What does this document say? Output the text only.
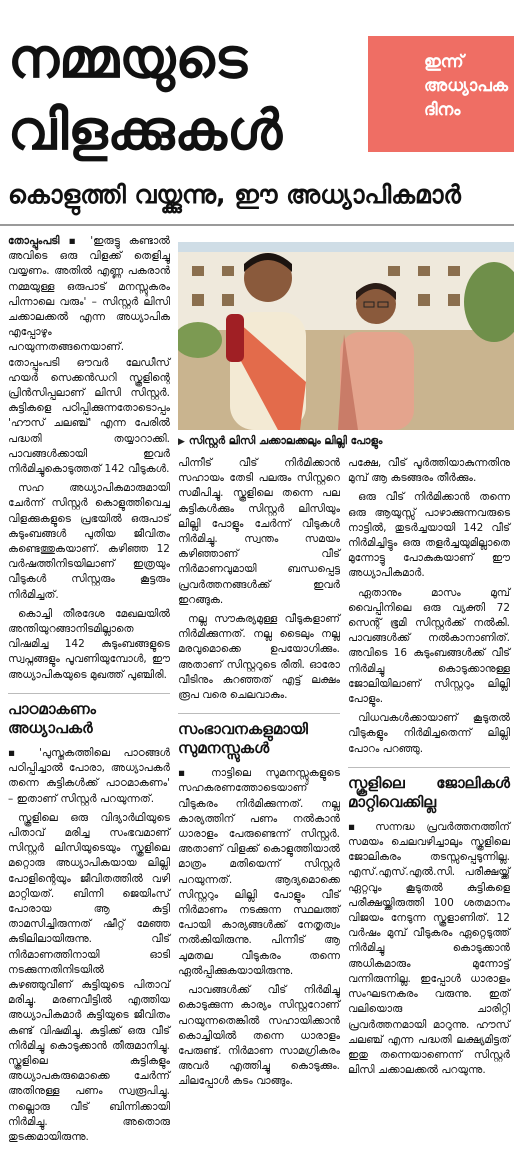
നമ്മയുടെ
വിളക്കുകൾ
ഇന്ന്
അധ്യാപക
ദിനം
കൊളുത്തി വയ്ക്കുന്നു, ഈ അധ്യാപികമാർ

തോപ്പുംപടി ▪ 'ഇരുട്ടു കണ്ടാൽ അവിടെ ഒരു വിളക്ക് തെളിച്ചു വയ്യണം. അതിൽ എണ്ണ പകരാൻ നമ്മയുള്ള ഒരുപാട് മനസ്സുകരം പിന്നാലെ വരും' – സിസ്റ്റർ ലിസി ചക്കാലക്കൽ എന്ന അധ്യാപിക എപ്പോഴും പറയുന്നതങ്ങനെയാണ്. തോപ്പുംപടി ഔവർ ലേഡീസ് ഹയർ സെക്കൻഡറി സ്കൂളിന്റെ പ്രിൻസിപ്പലാണ് ലിസി സിസ്റ്റർ. കുട്ടികളെ പഠിപ്പിക്കുന്നതോടൊപ്പം 'ഹൗസ് ചലഞ്ച്' എന്ന പേരിൽ പദ്ധതി തയ്യാറാക്കി. പാവങ്ങൾക്കായി ഇവർ നിർമിച്ചുകൊടുത്തത് 142 വീടുകൾ.

സഹ അധ്യാപികമാരുമായി ചേർന്ന് സിസ്റ്റർ കൊളുത്തിവെച്ച വിളക്കുകളുടെ പ്രഭയിൽ ഒരുപാട് കുടുംബങ്ങൾ പുതിയ ജീവിതം കണ്ടെത്തുകയാണ്. കഴിഞ്ഞ 12 വർഷത്തിനിടയിലാണ് ഇത്രയും വീടുകൾ സിസ്റ്റരും കൂട്ടരും നിർമിച്ചത്.

കൊച്ചി തീരദേശ മേഖലയിൽ അന്തിയുറങ്ങാനിടമില്ലാതെ വിഷമിച്ച 142 കുടുംബങ്ങളുടെ സ്വപ്നങ്ങളും പൂവണിയുമ്പോൾ, ഈ അധ്യാപികയുടെ മുഖത്ത് പുഞ്ചിരി.

പാഠമാകണം അധ്യാപകർ

▪ 'പുസ്തകത്തിലെ പാഠങ്ങൾ പഠിപ്പിച്ചാൽ പോരാ, അധ്യാപകർ തന്നെ കുട്ടികൾക്ക് പാഠമാകണം' – ഇതാണ് സിസ്റ്റർ പറയുന്നത്.

സ്കൂളിലെ ഒരു വിദ്യാർഥിയുടെ പിതാവ് മരിച്ച സംഭവമാണ് സിസ്റ്റർ ലിസിയുടെയും സ്കൂളിലെ മറ്റൊരു അധ്യാപികയായ ലില്ലി പോളിന്റെയും ജീവിതത്തിൽ വഴി മാറ്റിയത്. ബിന്നി ജെയിംസ് പോരായ ആ കുട്ടി താമസിച്ചിരുന്നത് ഷീറ്റ് മേഞ്ഞ കുടിലിലായിരുന്നു. വീട് നിർമാണത്തിനായി ഓടി നടക്കുന്നതിനിടയിൽ കുഴഞ്ഞുവീണ് കുട്ടിയുടെ പിതാവ് മരിച്ചു. മരണവീട്ടിൽ എത്തിയ അധ്യാപികമാർ കുട്ടിയുടെ ജീവിതം കണ്ട് വിഷമിച്ചു. കുട്ടിക്ക് ഒരു വീട് നിർമിച്ചു കൊടുക്കാൻ തീരുമാനിച്ചു. സ്കൂളിലെ കുട്ടികളും അധ്യാപകരുമൊക്കെ ചേർന്ന് അതിനുള്ള പണം സ്വരൂപിച്ചു. നല്ലൊരു വീട് ബിന്നിക്കായി നിർമിച്ചു. അതൊരു തുടക്കമായിരുന്നു.

▶ സിസ്റ്റർ ലിസി ചക്കാലക്കലും ലില്ലി പോളും

പിന്നീട് വീട് നിർമിക്കാൻ സഹായം തേടി പലരും സിസ്റ്ററെ സമീപിച്ചു. സ്കൂളിലെ തന്നെ പല കുട്ടികൾക്കും സിസ്റ്റർ ലിസിയും ലില്ലി പോളും ചേർന്ന് വീടുകൾ നിർമിച്ചു. സ്വന്തം സമയം കഴിഞ്ഞാണ് വീട് നിർമാണവുമായി ബന്ധപ്പെട്ട പ്രവർത്തനങ്ങൾക്ക് ഇവർ ഇറങ്ങുക.

നല്ല സൗകര്യമുള്ള വീടുകളാണ് നിർമിക്കുന്നത്. നല്ല ടൈലും നല്ല മരവുമൊക്കെ ഉപയോഗിക്കും. അതാണ് സിസ്റ്ററുടെ രീതി. ഓരോ വീടിനും കുറഞ്ഞത് എട്ട് ലക്ഷം രൂപ വരെ ചെലവാകും.

സംഭാവനകളുമായി സുമനസ്സുകൾ

▪ നാട്ടിലെ സുമനസ്സുകളുടെ സഹകരണത്തോടെയാണ് വീടുകരം നിർമിക്കുന്നത്. നല്ല കാര്യത്തിന് പണം നൽകാൻ ധാരാളം പേരുണ്ടെന്ന് സിസ്റ്റർ. അതാണ് വിളക്ക് കൊളുത്തിയാൽ മാത്രം മതിയെന്ന് സിസ്റ്റർ പറയുന്നത്. ആദ്യമൊക്കെ സിസ്റ്ററും ലില്ലി പോളും വീട് നിർമാണം നടക്കുന്ന സ്ഥലത്ത് പോയി കാര്യങ്ങൾക്ക് നേതൃത്വം നൽകിയിരുന്നു. പിന്നീട് ആ ചുമതല വീടുകരം തന്നെ ഏൽപ്പിക്കുകയായിരുന്നു.

പാവങ്ങൾക്ക് വീട് നിർമിച്ചു കൊടുക്കുന്ന കാര്യം സിസ്റ്ററോണ് പറയുന്നതെങ്കിൽ സഹായിക്കാൻ കൊച്ചിയിൽ തന്നെ ധാരാളം പേരുണ്ട്. നിർമാണ സാമഗ്രികരം അവർ എത്തിച്ചു കൊടുക്കും. ചിലപ്പോൾ കടം വാങ്ങും.

പക്ഷേ, വീട് പൂർത്തിയാകുന്നതിനു മുമ്പ് ആ കടങ്ങരം തീർക്കും.

ഒരു വീട് നിർമിക്കാൻ തന്നെ ഒരു ആയുസ്സ് പാഴാക്കുന്നവരുടെ നാട്ടിൽ, തുടർച്ചയായി 142 വീട് നിർമിച്ചിട്ടും ഒരു തളർച്ചയുമില്ലാതെ മുന്നോട്ടു പോകുകയാണ് ഈ അധ്യാപികമാർ.

ഏതാനും മാസം മുമ്പ് വൈപ്പിനിലെ ഒരു വ്യക്തി 72 സെന്റ് ഭൂമി സിസ്റ്റർക്ക് നൽകി. പാവങ്ങൾക്ക് നൽകാനാണിത്. അവിടെ 16 കുടുംബങ്ങൾക്ക് വീട് നിർമിച്ചു കൊടുക്കാനുള്ള ജോലിയിലാണ് സിസ്റ്ററും ലില്ലി പോളും.

വിധവകൾക്കായാണ് കൂടുതൽ വീടുകളും നിർമിച്ചതെന്ന് ലില്ലി പോറം പറഞ്ഞു.

സ്കൂളിലെ ജോലികൾ മാറ്റിവെക്കില്ല

▪ സന്നദ്ധ പ്രവർത്തനത്തിന് സമയം ചെലവഴിച്ചാലും സ്കൂളിലെ ജോലികരം തടസ്സപ്പെടുന്നില്ല. എസ്.എസ്.എൽ.സി. പരീക്ഷയ്ക്ക് ഏറ്റവും കൂടുതൽ കുട്ടികളെ പരീക്ഷയ്ക്കിരുത്തി 100 ശതമാനം വിജയം നേടുന്ന സ്കൂളാണിത്. 12 വർഷം മുമ്പ് വീടുകരം ഏറ്റെടുത്ത് നിർമിച്ചു കൊടുക്കാൻ അധികമാരും മുന്നോട്ട് വന്നിരുന്നില്ല. ഇപ്പോൾ ധാരാളം സംഘടനകരം വരുന്നു. ഇത് വലിയൊരു ചാരിറ്റി പ്രവർത്തനമായി മാറുന്നു. ഹൗസ് ചലഞ്ച് എന്ന പദ്ധതി ലക്ഷ്യമിട്ടത് ഇതു തന്നെയാണെന്ന് സിസ്റ്റർ ലിസി ചക്കാലക്കൽ പറയുന്നു.
